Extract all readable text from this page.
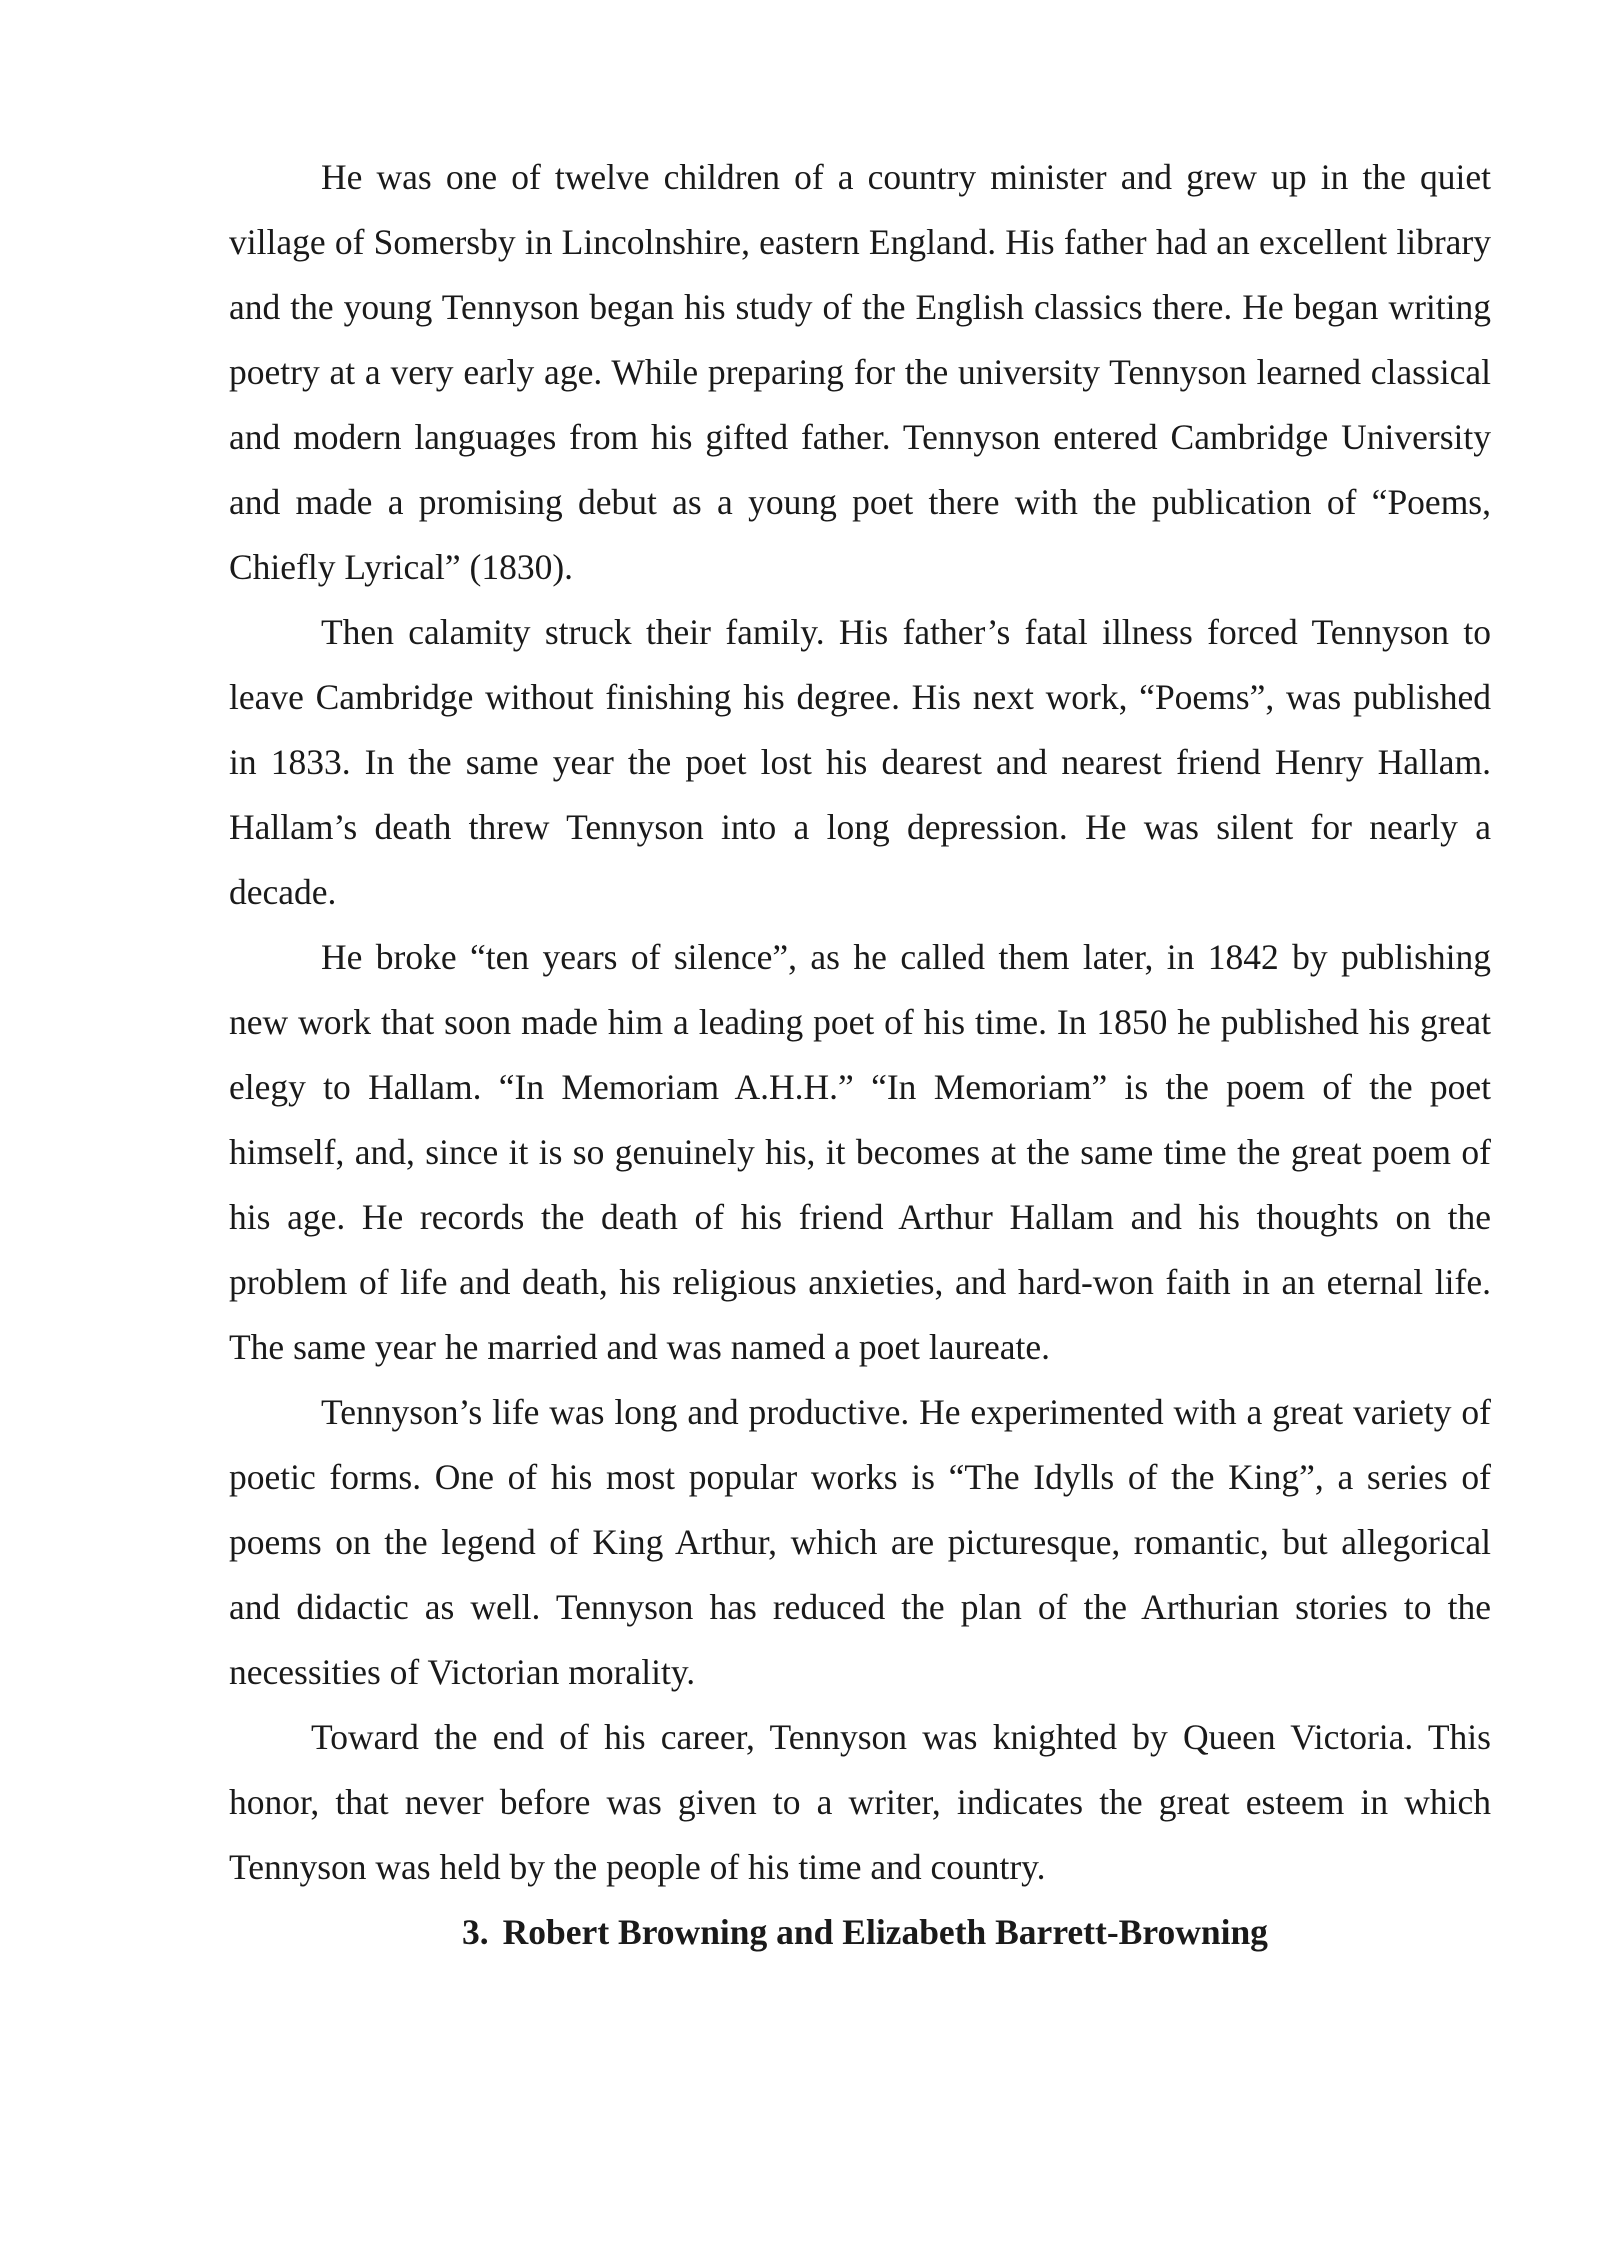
He was one of twelve children of a country minister and grew up in the quiet village of Somersby in Lincolnshire, eastern England. His father had an excellent library and the young Tennyson began his study of the English classics there. He began writing poetry at a very early age. While preparing for the university Tennyson learned classical and modern languages from his gifted father. Tennyson entered Cambridge University and made a promising debut as a young poet there with the publication of “Poems, Chiefly Lyrical” (1830).

Then calamity struck their family. His father’s fatal illness forced Tennyson to leave Cambridge without finishing his degree. His next work, “Poems”, was published in 1833. In the same year the poet lost his dearest and nearest friend Henry Hallam. Hallam’s death threw Tennyson into a long depression. He was silent for nearly a decade.

He broke “ten years of silence”, as he called them later, in 1842 by publishing new work that soon made him a leading poet of his time. In 1850 he published his great elegy to Hallam. “In Memoriam A.H.H.” “In Memoriam” is the poem of the poet himself, and, since it is so genuinely his, it becomes at the same time the great poem of his age. He records the death of his friend Arthur Hallam and his thoughts on the problem of life and death, his religious anxieties, and hard-won faith in an eternal life. The same year he married and was named a poet laureate.

Tennyson’s life was long and productive. He experimented with a great variety of poetic forms. One of his most popular works is “The Idylls of the King”, a series of poems on the legend of King Arthur, which are picturesque, romantic, but allegorical and didactic as well. Tennyson has reduced the plan of the Arthurian stories to the necessities of Victorian morality.

Toward the end of his career, Tennyson was knighted by Queen Victoria. This honor, that never before was given to a writer, indicates the great esteem in which Tennyson was held by the people of his time and country.

3. Robert Browning and Elizabeth Barrett-Browning
